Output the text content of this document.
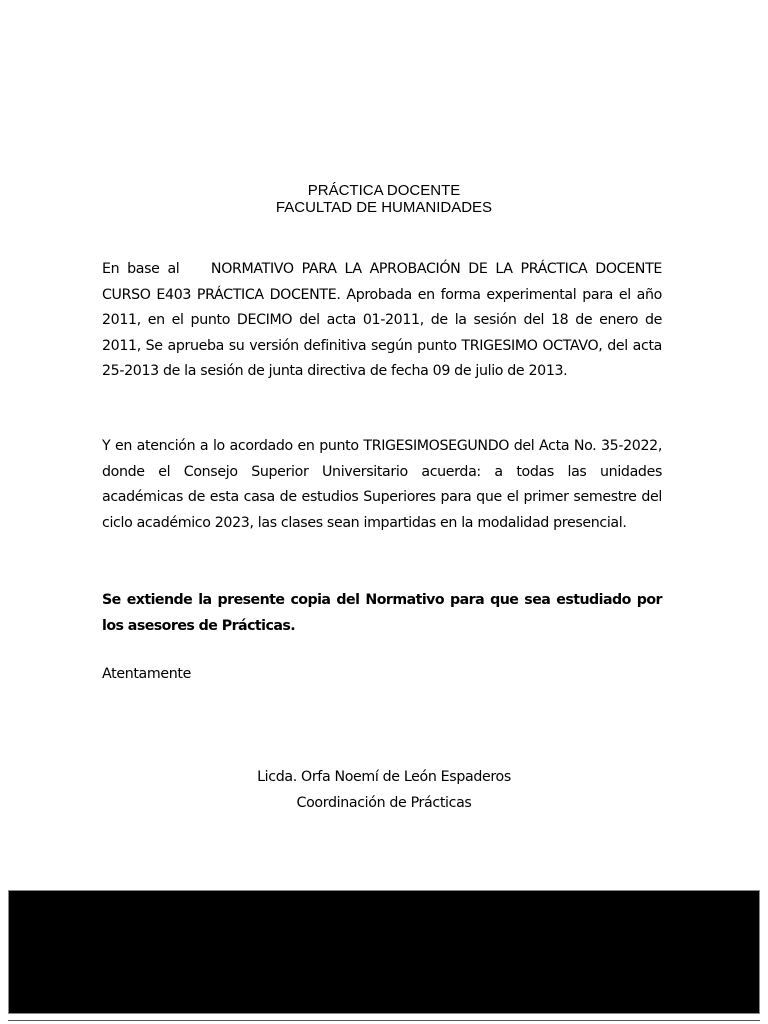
PRÁCTICA DOCENTE
FACULTAD DE HUMANIDADES

En base al    NORMATIVO PARA LA APROBACIÓN DE LA PRÁCTICA DOCENTE CURSO E403 PRÁCTICA DOCENTE. Aprobada en forma experimental para el año 2011, en el punto DECIMO del acta 01-2011, de la sesión del 18 de enero de 2011, Se aprueba su versión definitiva según punto TRIGESIMO OCTAVO, del acta 25-2013 de la sesión de junta directiva de fecha 09 de julio de 2013.

Y en atención a lo acordado en punto TRIGESIMOSEGUNDO del Acta No. 35-2022, donde el Consejo Superior Universitario acuerda: a todas las unidades académicas de esta casa de estudios Superiores para que el primer semestre del ciclo académico 2023, las clases sean impartidas en la modalidad presencial.

Se extiende la presente copia del Normativo para que sea estudiado por los asesores de Prácticas.

Atentamente

Licda. Orfa Noemí de León Espaderos
Coordinación de Prácticas
